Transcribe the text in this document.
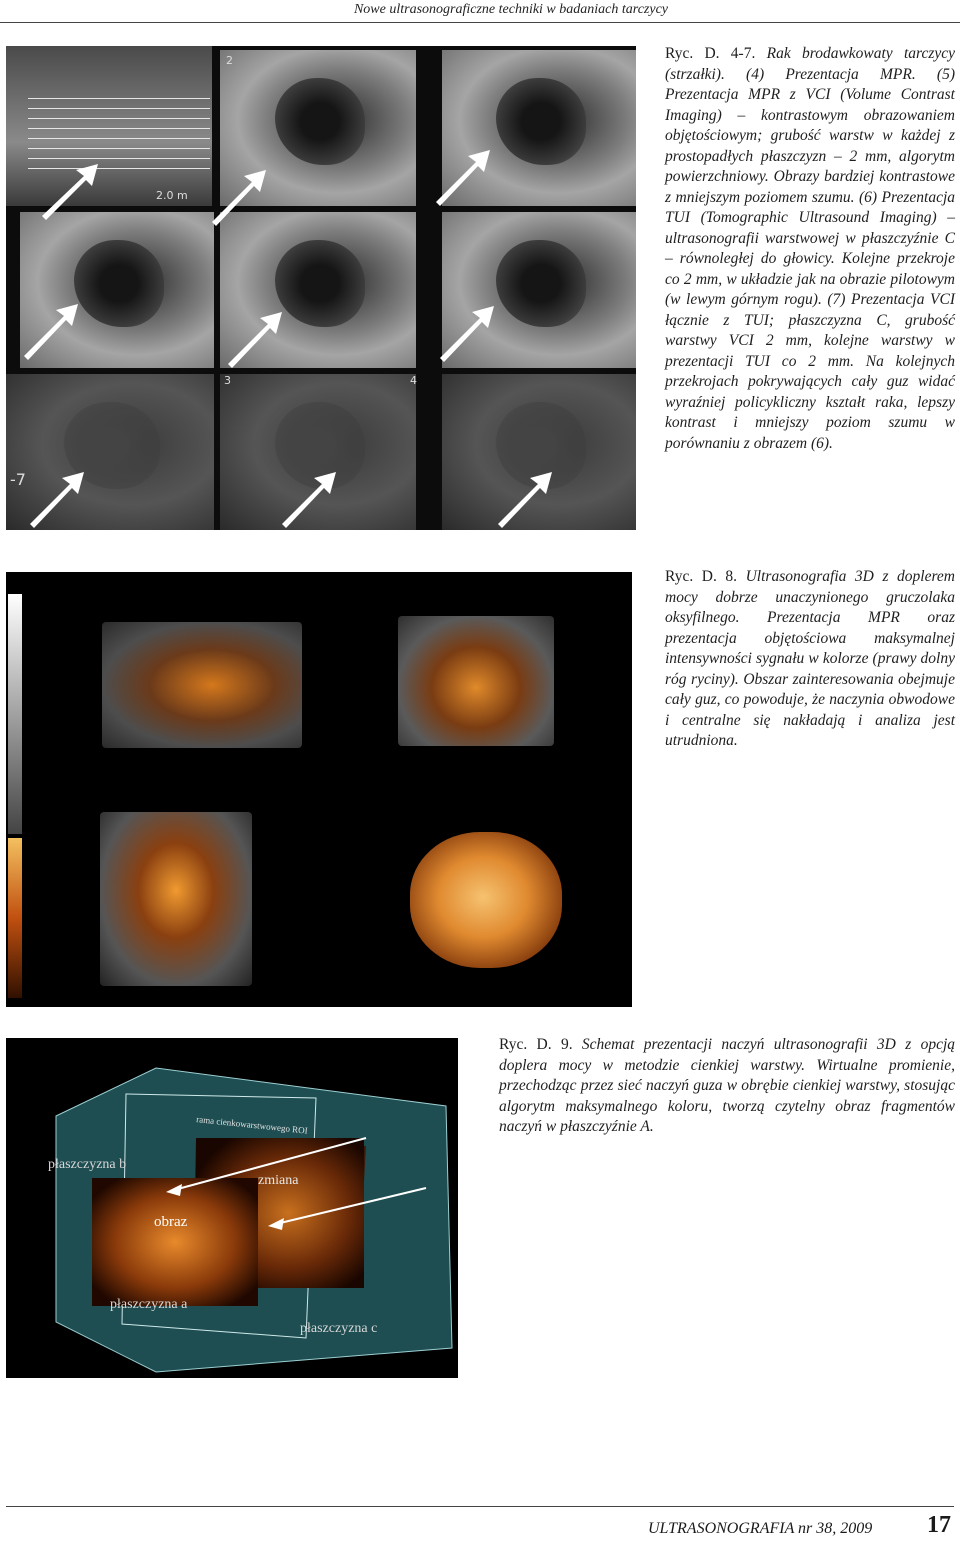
Nowe ultrasonograficzne techniki w badaniach tarczycy
2.0 m
2
3	4
-7
Ryc. D. 4-7. Rak brodawkowaty tarczycy (strzałki). (4) Prezentacja MPR. (5) Prezentacja MPR z VCI (Volume Contrast Imaging) – kontrastowym obrazowaniem objętościowym; grubość warstw w każdej z prostopadłych płaszczyzn – 2 mm, algorytm powierzchniowy. Obrazy bardziej kontrastowe z mniejszym poziomem szumu. (6) Prezentacja TUI (Tomographic Ultrasound Imaging) – ultrasonografii warstwowej w płaszczyźnie C – równoległej do głowicy. Kolejne przekroje co 2 mm, w układzie jak na obrazie pilotowym (w lewym górnym rogu). (7) Prezentacja VCI łącznie z TUI; płaszczyzna C, grubość warstwy VCI 2 mm, kolejne warstwy w prezentacji TUI co 2 mm. Na kolejnych przekrojach pokrywających cały guz widać wyraźniej policykliczny kształt raka, lepszy kontrast i mniejszy poziom szumu w porównaniu z obrazem (6).
Ryc. D. 8. Ultrasonografia 3D z doplerem mocy dobrze unaczynionego gruczolaka oksyfilnego. Prezentacja MPR oraz prezentacja objętościowa maksymalnej intensywności sygnału w kolorze (prawy dolny róg ryciny). Obszar zainteresowania obejmuje cały guz, co powoduje, że naczynia obwodowe i centralne się nakładają i analiza jest utrudniona.
rama cienkowarstwowego ROI
płaszczyzna b
zmiana
obraz
płaszczyzna a
płaszczyzna c
Ryc. D. 9. Schemat prezentacji naczyń ultrasonografii 3D z opcją doplera mocy w metodzie cienkiej warstwy. Wirtualne promienie, przechodząc przez sieć naczyń guza w obrębie cienkiej warstwy, stosując algorytm maksymalnego koloru, tworzą czytelny obraz fragmentów naczyń w płaszczyźnie A.
ULTRASONOGRAFIA nr 38, 2009 17
